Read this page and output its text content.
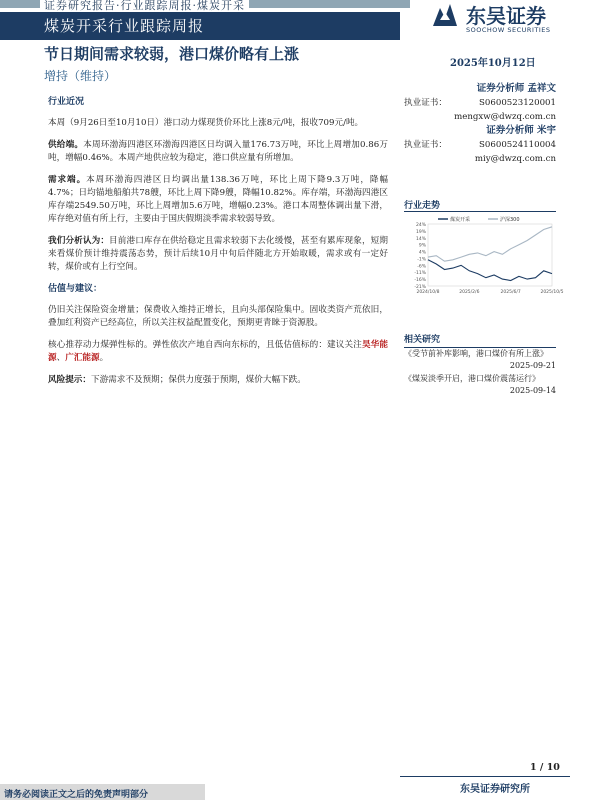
证券研究报告·行业跟踪周报·煤炭开采
煤炭开采行业跟踪周报	东吴证券
SOOCHOW SECURITIES
节日期间需求较弱，港口煤价略有上涨
增持（维持）
2025年10月12日
行业近况

本周（9月26日至10月10日）港口动力煤现货价环比上涨8元/吨，报收709元/吨。

供给端。本周环渤海四港区环渤海四港区日均调入量176.73万吨，环比上周增加0.86万吨，增幅0.46%。本周产地供应较为稳定，港口供应量有所增加。

需求端。本周环渤海四港区日均调出量138.36万吨，环比上周下降9.3万吨，降幅4.7%；日均锚地船舶共78艘，环比上周下降9艘，降幅10.82%。库存端，环渤海四港区库存端2549.50万吨，环比上周增加5.6万吨，增幅0.23%。港口本周整体调出量下滑，库存绝对值有所上行，主要由于国庆假期淡季需求较弱导致。

我们分析认为：目前港口库存在供给稳定且需求较弱下去化缓慢，甚至有累库现象，短期来看煤价预计维持震荡态势，预计后续10月中旬后伴随北方开始取暖，需求或有一定好转，煤价或有上行空间。

估值与建议：

仍旧关注保险资金增量；保费收入维持正增长，且向头部保险集中。固收类资产荒依旧，叠加红利资产已经高位，所以关注权益配置变化，预期更青睐于资源股。

核心推荐动力煤弹性标的。弹性依次产地自西向东标的，且低估值标的：建议关注昊华能源、广汇能源。

风险提示：下游需求不及预期；保供力度强于预期，煤价大幅下跌。

证券分析师 孟祥文
执业证书：	S0600523120001
mengxw@dwzq.com.cn
证券分析师 米宇
执业证书：	S0600524110004
miy@dwzq.com.cn
行业走势
24%
19%
14%
9%
4%
-1%
-6%
-11%
-16%
-21%
2024/10/8	2025/2/6	2025/6/7	2025/10/5
煤炭开采	沪深300
相关研究
《受节前补库影响，港口煤价有所上涨》
2025-09-21
《煤炭淡季开启，港口煤价震荡运行》
2025-09-14
1 / 10
东吴证券研究所
请务必阅读正文之后的免责声明部分
